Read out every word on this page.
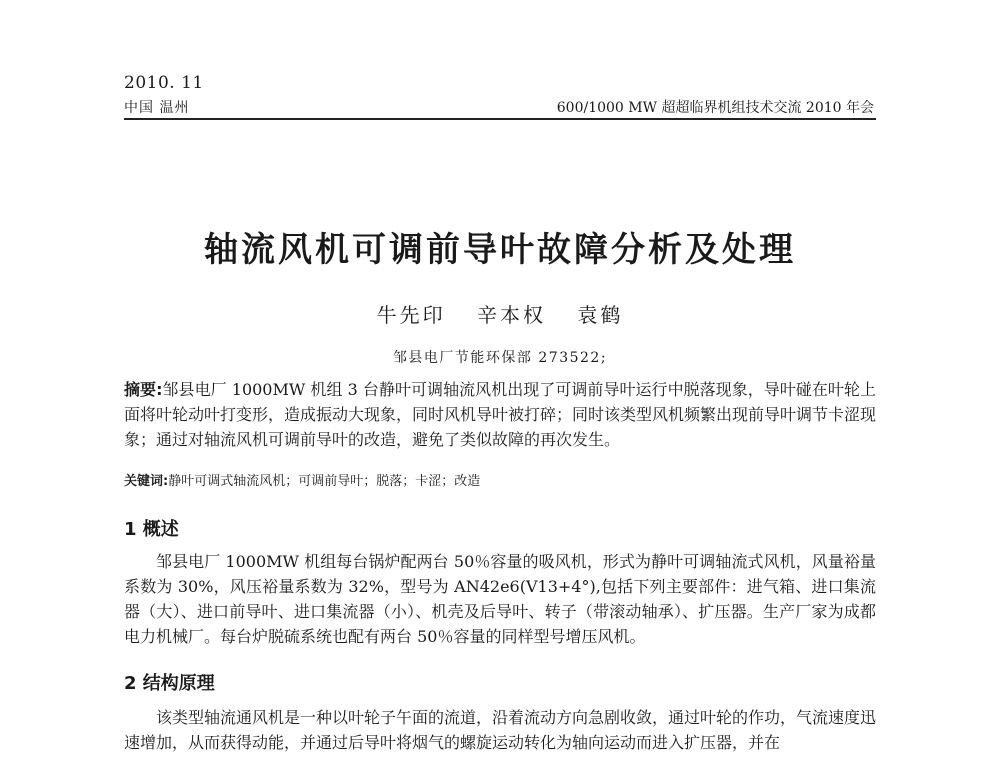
2010. 11
中国 温州	600/1000 MW 超超临界机组技术交流 2010 年会
轴流风机可调前导叶故障分析及处理
牛先印 辛本权 袁鹤
邹县电厂节能环保部 273522;
摘要:邹县电厂 1000MW 机组 3 台静叶可调轴流风机出现了可调前导叶运行中脱落现象，导叶碰在叶轮上面将叶轮动叶打变形，造成振动大现象，同时风机导叶被打碎；同时该类型风机频繁出现前导叶调节卡涩现象；通过对轴流风机可调前导叶的改造，避免了类似故障的再次发生。
关键词:静叶可调式轴流风机；可调前导叶；脱落；卡涩；改造
1 概述
邹县电厂 1000MW 机组每台锅炉配两台 50％容量的吸风机，形式为静叶可调轴流式风机，风量裕量系数为 30%，风压裕量系数为 32%，型号为 AN42e6(V13+4°),包括下列主要部件：进气箱、进口集流器（大）、进口前导叶、进口集流器（小）、机壳及后导叶、转子（带滚动轴承）、扩压器。生产厂家为成都电力机械厂。每台炉脱硫系统也配有两台 50％容量的同样型号增压风机。
2 结构原理
该类型轴流通风机是一种以叶轮子午面的流道，沿着流动方向急剧收敛，通过叶轮的作功，气流速度迅速增加，从而获得动能，并通过后导叶将烟气的螺旋运动转化为轴向运动而进入扩压器，并在
